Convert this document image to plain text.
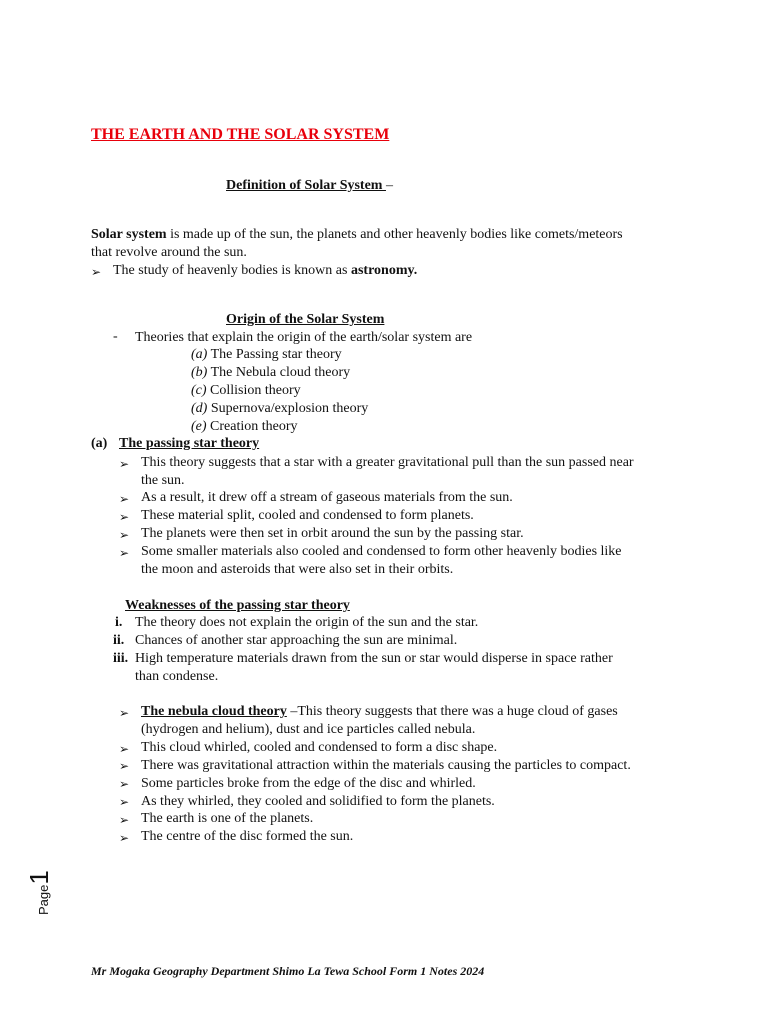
THE EARTH AND THE SOLAR SYSTEM
Definition of Solar System –
Solar system is made up of the sun, the planets and other heavenly bodies like comets/meteors
that revolve around the sun.
➢ The study of heavenly bodies is known as astronomy.
Origin of the Solar System
- Theories that explain the origin of the earth/solar system are
(a) The Passing star theory
(b) The Nebula cloud theory
(c) Collision theory
(d) Supernova/explosion theory
(e) Creation theory
(a) The passing star theory
➢ This theory suggests that a star with a greater gravitational pull than the sun passed near
the sun.
➢ As a result, it drew off a stream of gaseous materials from the sun.
➢ These material split, cooled and condensed to form planets.
➢ The planets were then set in orbit around the sun by the passing star.
➢ Some smaller materials also cooled and condensed to form other heavenly bodies like
the moon and asteroids that were also set in their orbits.
Weaknesses of the passing star theory
i. The theory does not explain the origin of the sun and the star.
ii. Chances of another star approaching the sun are minimal.
iii. High temperature materials drawn from the sun or star would disperse in space rather
than condense.
➢ The nebula cloud theory –This theory suggests that there was a huge cloud of gases
(hydrogen and helium), dust and ice particles called nebula.
➢ This cloud whirled, cooled and condensed to form a disc shape.
➢ There was gravitational attraction within the materials causing the particles to compact.
➢ Some particles broke from the edge of the disc and whirled.
➢ As they whirled, they cooled and solidified to form the planets.
➢ The earth is one of the planets.
➢ The centre of the disc formed the sun.
Page1
Mr Mogaka Geography Department Shimo La Tewa School Form 1 Notes 2024
